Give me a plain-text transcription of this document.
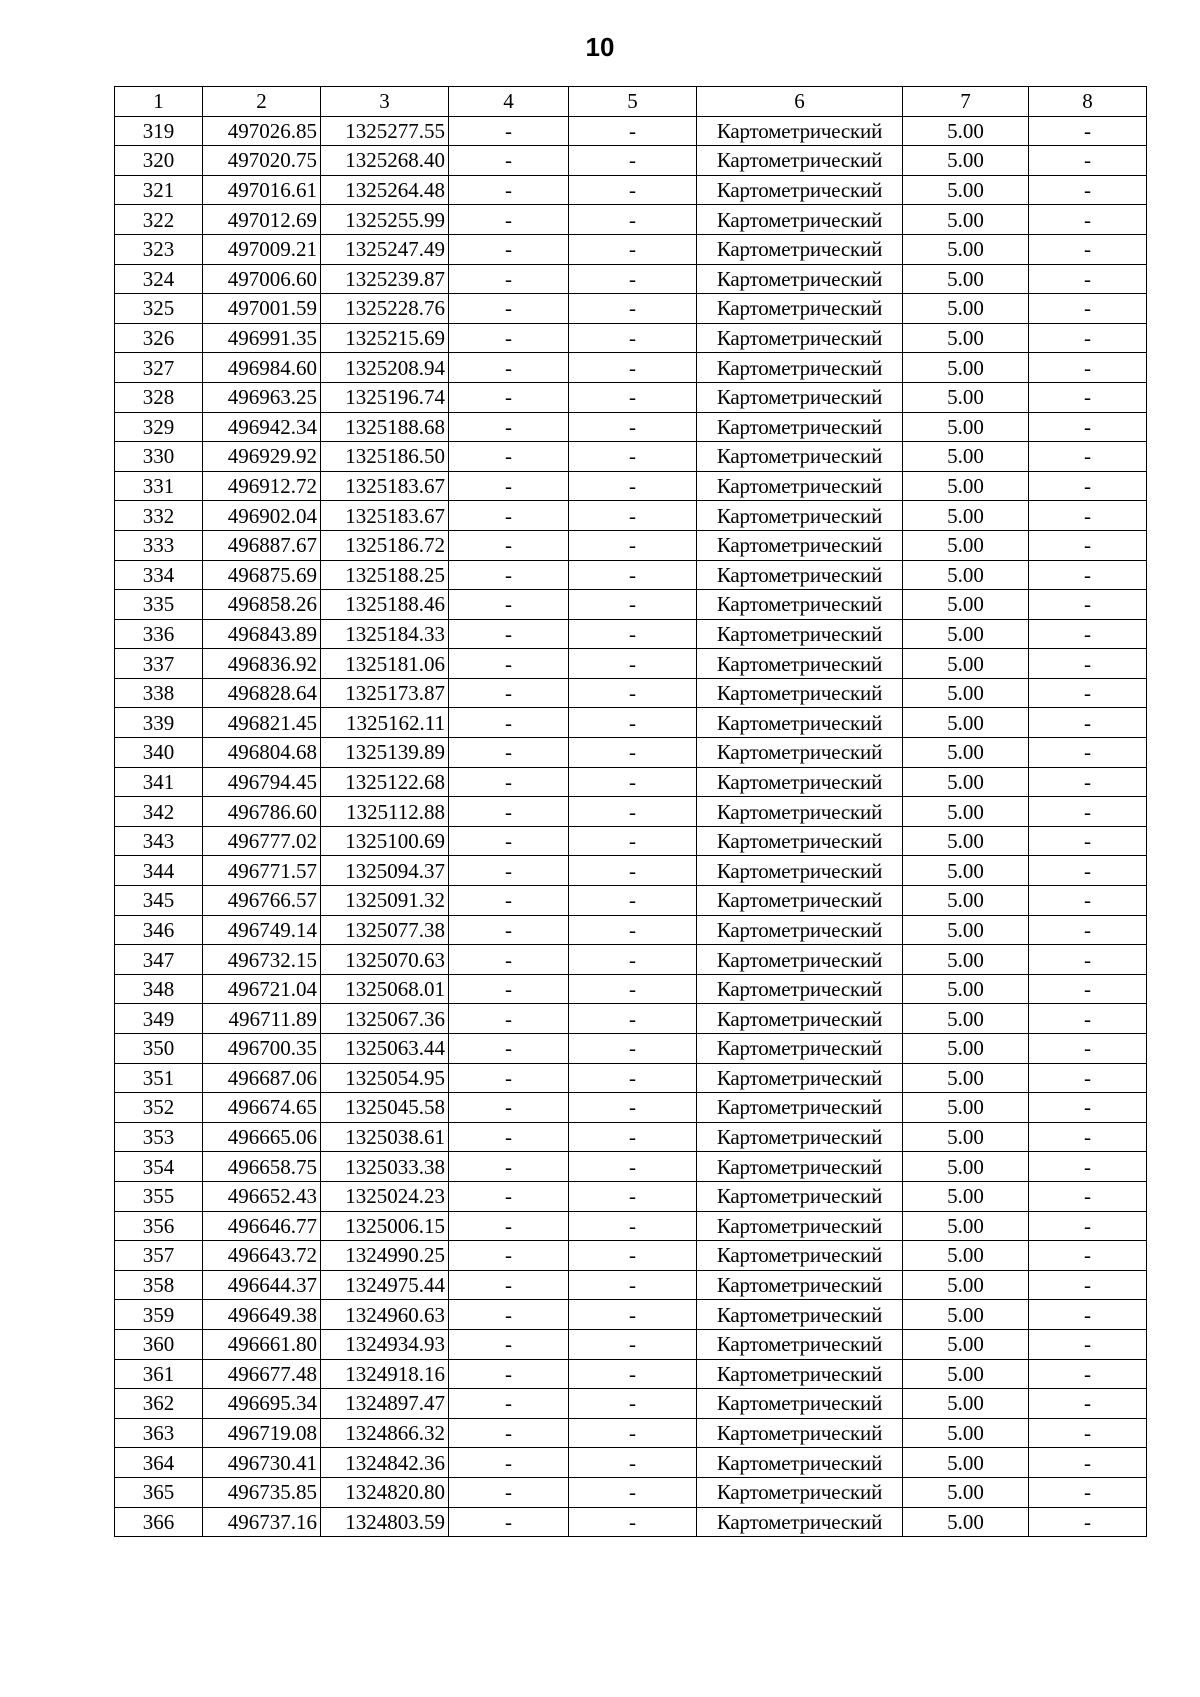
10
1	2	3	4	5	6	7	8
319	497026.85	1325277.55	-	-	Картометрический	5.00	-
320	497020.75	1325268.40	-	-	Картометрический	5.00	-
321	497016.61	1325264.48	-	-	Картометрический	5.00	-
322	497012.69	1325255.99	-	-	Картометрический	5.00	-
323	497009.21	1325247.49	-	-	Картометрический	5.00	-
324	497006.60	1325239.87	-	-	Картометрический	5.00	-
325	497001.59	1325228.76	-	-	Картометрический	5.00	-
326	496991.35	1325215.69	-	-	Картометрический	5.00	-
327	496984.60	1325208.94	-	-	Картометрический	5.00	-
328	496963.25	1325196.74	-	-	Картометрический	5.00	-
329	496942.34	1325188.68	-	-	Картометрический	5.00	-
330	496929.92	1325186.50	-	-	Картометрический	5.00	-
331	496912.72	1325183.67	-	-	Картометрический	5.00	-
332	496902.04	1325183.67	-	-	Картометрический	5.00	-
333	496887.67	1325186.72	-	-	Картометрический	5.00	-
334	496875.69	1325188.25	-	-	Картометрический	5.00	-
335	496858.26	1325188.46	-	-	Картометрический	5.00	-
336	496843.89	1325184.33	-	-	Картометрический	5.00	-
337	496836.92	1325181.06	-	-	Картометрический	5.00	-
338	496828.64	1325173.87	-	-	Картометрический	5.00	-
339	496821.45	1325162.11	-	-	Картометрический	5.00	-
340	496804.68	1325139.89	-	-	Картометрический	5.00	-
341	496794.45	1325122.68	-	-	Картометрический	5.00	-
342	496786.60	1325112.88	-	-	Картометрический	5.00	-
343	496777.02	1325100.69	-	-	Картометрический	5.00	-
344	496771.57	1325094.37	-	-	Картометрический	5.00	-
345	496766.57	1325091.32	-	-	Картометрический	5.00	-
346	496749.14	1325077.38	-	-	Картометрический	5.00	-
347	496732.15	1325070.63	-	-	Картометрический	5.00	-
348	496721.04	1325068.01	-	-	Картометрический	5.00	-
349	496711.89	1325067.36	-	-	Картометрический	5.00	-
350	496700.35	1325063.44	-	-	Картометрический	5.00	-
351	496687.06	1325054.95	-	-	Картометрический	5.00	-
352	496674.65	1325045.58	-	-	Картометрический	5.00	-
353	496665.06	1325038.61	-	-	Картометрический	5.00	-
354	496658.75	1325033.38	-	-	Картометрический	5.00	-
355	496652.43	1325024.23	-	-	Картометрический	5.00	-
356	496646.77	1325006.15	-	-	Картометрический	5.00	-
357	496643.72	1324990.25	-	-	Картометрический	5.00	-
358	496644.37	1324975.44	-	-	Картометрический	5.00	-
359	496649.38	1324960.63	-	-	Картометрический	5.00	-
360	496661.80	1324934.93	-	-	Картометрический	5.00	-
361	496677.48	1324918.16	-	-	Картометрический	5.00	-
362	496695.34	1324897.47	-	-	Картометрический	5.00	-
363	496719.08	1324866.32	-	-	Картометрический	5.00	-
364	496730.41	1324842.36	-	-	Картометрический	5.00	-
365	496735.85	1324820.80	-	-	Картометрический	5.00	-
366	496737.16	1324803.59	-	-	Картометрический	5.00	-
